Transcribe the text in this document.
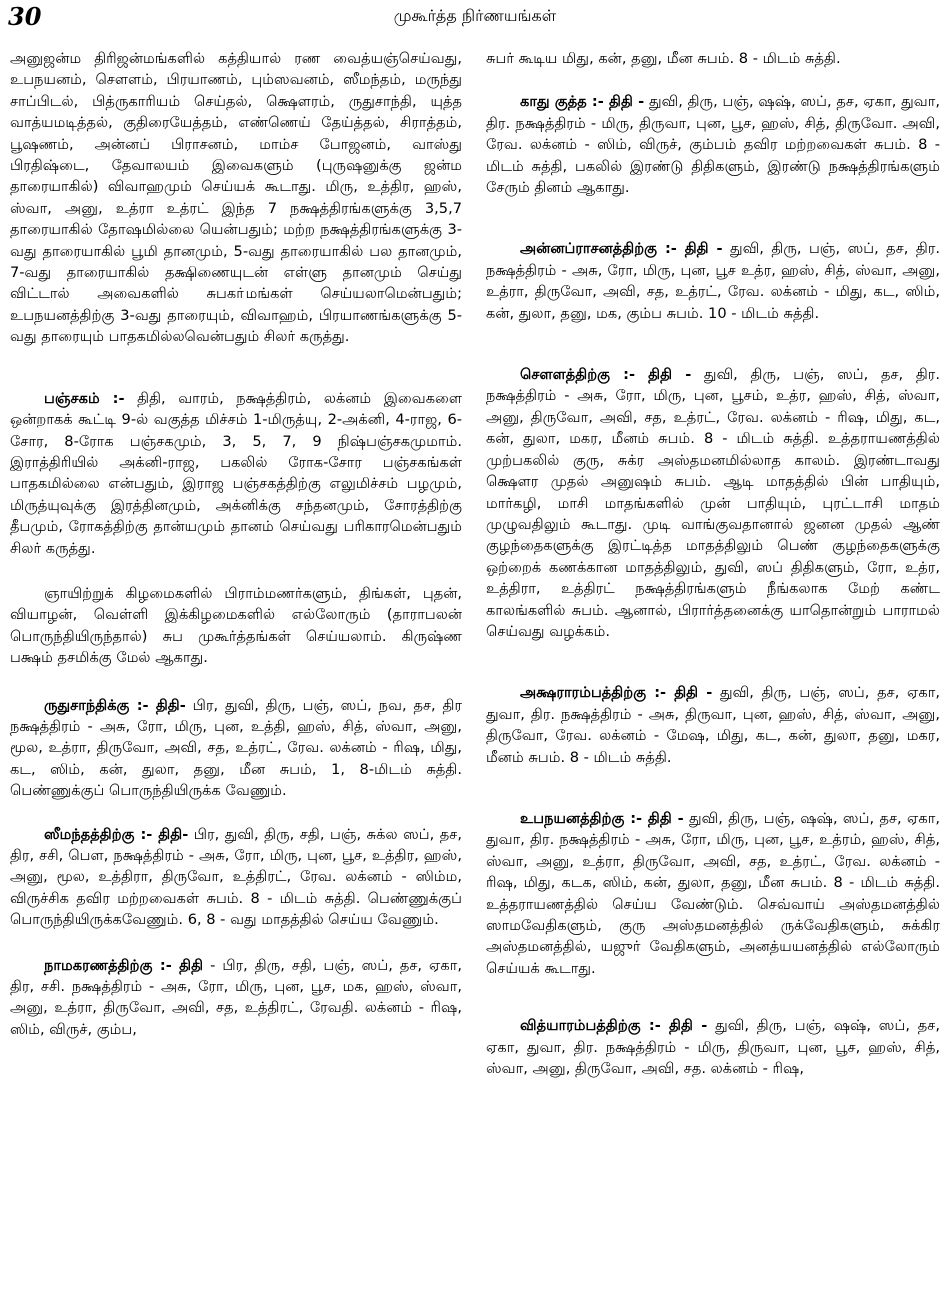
30	முகூர்த்த நிர்ணயங்கள்

அனுஜன்ம திரிஜன்மங்களில் கத்தியால் ரண வைத்யஞ்செய்வது, உபநயனம், சௌளம், பிரயாணம், பும்ஸவனம், ஸீமந்தம், மருந்து சாப்பிடல், பித்ருகாரியம் செய்தல், க்ஷௌரம், ருதுசாந்தி, யுத்த வாத்யமடித்தல், குதிரையேத்தம், எண்ணெய் தேய்த்தல், சிராத்தம், பூஷணம், அன்னப் பிராசனம், மாம்ச போஜனம், வாஸ்து பிரதிஷ்டை, தேவாலயம் இவைகளும் (புருஷனுக்கு ஜன்ம தாரையாகில்) விவாஹமும் செய்யக் கூடாது. மிரு, உத்திர, ஹஸ், ஸ்வா, அனு, உத்ரா உத்ரட் இந்த 7 நக்ஷத்திரங்களுக்கு 3,5,7 தாரையாகில் தோஷமில்லை யென்பதும்; மற்ற நக்ஷத்திரங்களுக்கு 3-வது தாரையாகில் பூமி தானமும், 5-வது தாரையாகில் பல தானமும், 7-வது தாரையாகில் தக்ஷிணையுடன் எள்ளு தானமும் செய்து விட்டால் அவைகளில் சுபகா்மங்கள் செய்யலாமென்பதும்; உபநயனத்திற்கு 3-வது தாரையும், விவாஹம், பிரயாணங்களுக்கு 5-வது தாரையும் பாதகமில்லவென்பதும் சிலர் கருத்து.

பஞ்சகம் :- திதி, வாரம், நக்ஷத்திரம், லக்னம் இவைகளை ஒன்றாகக் கூட்டி 9-ல் வகுத்த மிச்சம் 1-மிருத்யு, 2-அக்னி, 4-ராஜ, 6-சோர, 8-ரோக பஞ்சகமும், 3, 5, 7, 9 நிஷ்பஞ்சகமுமாம். இராத்திரியில் அக்னி-ராஜ, பகலில் ரோக-சோர பஞ்சகங்கள் பாதகமில்லை என்பதும், இராஜ பஞ்சகத்திற்கு எலுமிச்சம் பழமும், மிருத்யுவுக்கு இரத்தினமும், அக்னிக்கு சந்தனமும், சோரத்திற்கு தீபமும், ரோகத்திற்கு தான்யமும் தானம் செய்வது பரிகாரமென்பதும் சிலர் கருத்து.

ஞாயிற்றுக் கிழமைகளில் பிராம்மணர்களும், திங்கள், புதன், வியாழன், வெள்ளி இக்கிழமைகளில் எல்லோரும் (தாராபலன் பொருந்தியிருந்தால்) சுப முகூர்த்தங்கள் செய்யலாம். கிருஷ்ண பக்ஷம் தசமிக்கு மேல் ஆகாது.

ருதுசாந்திக்கு :- திதி- பிர, துவி, திரு, பஞ், ஸப், நவ, தச, திர நக்ஷத்திரம் - அசு, ரோ, மிரு, புன, உத்தி, ஹஸ், சித், ஸ்வா, அனு, மூல, உத்ரா, திருவோ, அவி, சத, உத்ரட், ரேவ. லக்னம் - ரிஷ, மிது, கட, ஸிம், கன், துலா, தனு, மீன சுபம், 1, 8-மிடம் சுத்தி. பெண்ணுக்குப் பொருந்தியிருக்க வேணும்.

ஸீமந்தத்திற்கு :- திதி- பிர, துவி, திரு, சதி, பஞ், சுக்ல ஸப், தச, திர, சசி, பௌ, நக்ஷத்திரம் - அசு, ரோ, மிரு, புன, பூச, உத்திர, ஹஸ், அனு, மூல, உத்திரா, திருவோ, உத்திரட், ரேவ. லக்னம் - ஸிம்ம, விருச்சிக தவிர மற்றவைகள் சுபம். 8 - மிடம் சுத்தி. பெண்ணுக்குப் பொருந்தியிருக்கவேணும். 6, 8 - வது மாதத்தில் செய்ய வேணும்.

நாமகரணத்திற்கு :- திதி - பிர, திரு, சதி, பஞ், ஸப், தச, ஏகா, திர, சசி. நக்ஷத்திரம் - அசு, ரோ, மிரு, புன, பூச, மக, ஹஸ், ஸ்வா, அனு, உத்ரா, திருவோ, அவி, சத, உத்திரட், ரேவதி. லக்னம் - ரிஷ, ஸிம், விருச், கும்ப,

சுபர் கூடிய மிது, கன், தனு, மீன சுபம். 8 - மிடம் சுத்தி.

காது குத்த :- திதி - துவி, திரு, பஞ், ஷஷ், ஸப், தச, ஏகா, துவா, திர. நக்ஷத்திரம் - மிரு, திருவா, புன, பூச, ஹஸ், சித், திருவோ. அவி, ரேவ. லக்னம் - ஸிம், விருச், கும்பம் தவிர மற்றவைகள் சுபம். 8 - மிடம் சுத்தி, பகலில் இரண்டு திதிகளும், இரண்டு நக்ஷத்திரங்களும் சேரும் தினம் ஆகாது.

அன்னப்ராசனத்திற்கு :- திதி - துவி, திரு, பஞ், ஸப், தச, திர. நக்ஷத்திரம் - அசு, ரோ, மிரு, புன, பூச உத்ர, ஹஸ், சித், ஸ்வா, அனு, உத்ரா, திருவோ, அவி, சத, உத்ரட், ரேவ. லக்னம் - மிது, கட, ஸிம், கன், துலா, தனு, மக, கும்ப சுபம். 10 - மிடம் சுத்தி.

சௌளத்திற்கு :- திதி - துவி, திரு, பஞ், ஸப், தச, திர. நக்ஷத்திரம் - அசு, ரோ, மிரு, புன, பூசம், உத்ர, ஹஸ், சித், ஸ்வா, அனு, திருவோ, அவி, சத, உத்ரட், ரேவ. லக்னம் - ரிஷ, மிது, கட, கன், துலா, மகர, மீனம் சுபம். 8 - மிடம் சுத்தி. உத்தராயணத்தில் முற்பகலில் குரு, சுக்ர அஸ்தமனமில்லாத காலம். இரண்டாவது க்ஷௌர முதல் அனுஷம் சுபம். ஆடி மாதத்தில் பின் பாதியும், மார்கழி, மாசி மாதங்களில் முன் பாதியும், புரட்டாசி மாதம் முழுவதிலும் கூடாது. முடி வாங்குவதானால் ஜனன முதல் ஆண் குழந்தைகளுக்கு இரட்டித்த மாதத்திலும் பெண் குழந்தைகளுக்கு ஒற்றைக் கணக்கான மாதத்திலும், துவி, ஸப் திதிகளும், ரோ, உத்ர, உத்திரா, உத்திரட் நக்ஷத்திரங்களும் நீங்கலாக மேற் கண்ட காலங்களில் சுபம். ஆனால், பிரார்த்தனைக்கு யாதொன்றும் பாராமல் செய்வது வழக்கம்.

அக்ஷராரம்பத்திற்கு :- திதி - துவி, திரு, பஞ், ஸப், தச, ஏகா, துவா, திர. நக்ஷத்திரம் - அசு, திருவா, புன, ஹஸ், சித், ஸ்வா, அனு, திருவோ, ரேவ. லக்னம் - மேஷ, மிது, கட, கன், துலா, தனு, மகர, மீனம் சுபம். 8 - மிடம் சுத்தி.

உபநயனத்திற்கு :- திதி - துவி, திரு, பஞ், ஷஷ், ஸப், தச, ஏகா, துவா, திர. நக்ஷத்திரம் - அசு, ரோ, மிரு, புன, பூச, உத்ரம், ஹஸ், சித், ஸ்வா, அனு, உத்ரா, திருவோ, அவி, சத, உத்ரட், ரேவ. லக்னம் - ரிஷ, மிது, கடக, ஸிம், கன், துலா, தனு, மீன சுபம். 8 - மிடம் சுத்தி. உத்தராயணத்தில் செய்ய வேண்டும். செவ்வாய் அஸ்தமனத்தில் ஸாமவேதிகளும், குரு அஸ்தமனத்தில் ருக்வேதிகளும், சுக்கிர அஸ்தமனத்தில், யஜுர் வேதிகளும், அனத்யயனத்தில் எல்லோரும் செய்யக் கூடாது.

வித்யாரம்பத்திற்கு :- திதி - துவி, திரு, பஞ், ஷஷ், ஸப், தச, ஏகா, துவா, திர. நக்ஷத்திரம் - மிரு, திருவா, புன, பூச, ஹஸ், சித், ஸ்வா, அனு, திருவோ, அவி, சத. லக்னம் - ரிஷ,
